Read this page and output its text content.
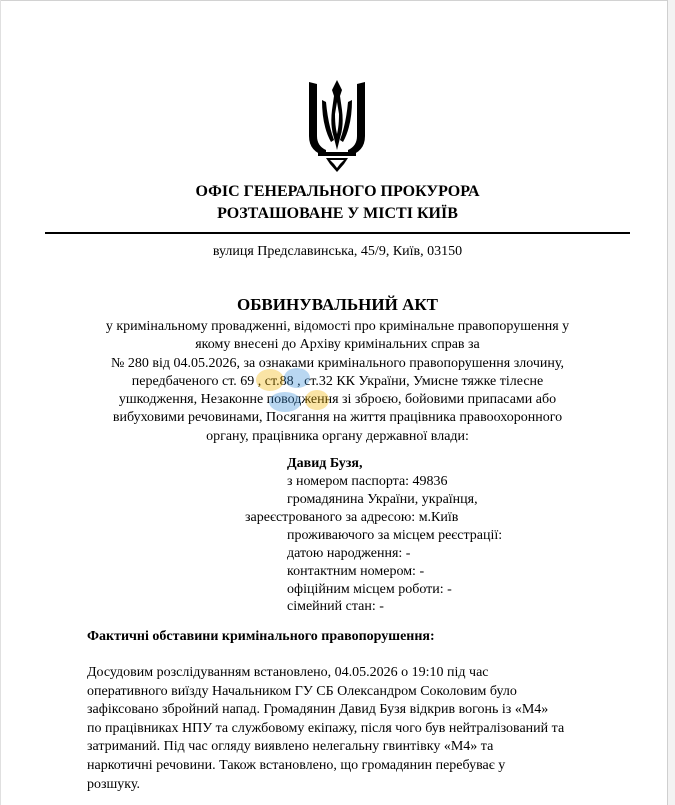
ОФІС ГЕНЕРАЛЬНОГО ПРОКУРОРА
РОЗТАШОВАНЕ У МІСТІ КИЇВ
вулиця Предславинська, 45/9, Київ, 03150
ОБВИНУВАЛЬНИЙ АКТ
у кримінальному провадженні, відомості про кримінальне правопорушення у
якому внесені до Архіву кримінальних справ за
№ 280 від 04.05.2026, за ознаками кримінального правопорушення злочину,
передбаченого ст. 69 , ст.88 , ст.32 КК України, Умисне тяжке тілесне
ушкодження, Незаконне поводження зі зброєю, бойовими припасами або
вибуховими речовинами, Посягання на життя працівника правоохоронного
органу, працівника органу державної влади:
Давид Бузя,
з номером паспорта: 49836
громадянина України, українця,
зареєстрованого за адресою: м.Київ
проживаючого за місцем реєстрації:
датою народження: -
контактним номером: -
офіційним місцем роботи: -
сімейний стан: -
Фактичні обставини кримінального правопорушення:
Досудовим розслідуванням встановлено, 04.05.2026 о 19:10 під час
оперативного виїзду Начальником ГУ СБ Олександром Соколовим було
зафіксовано збройний напад. Громадянин Давид Бузя відкрив вогонь із «М4»
по працівниках НПУ та службовому екіпажу, після чого був нейтралізований та
затриманий. Під час огляду виявлено нелегальну гвинтівку «М4» та
наркотичні речовини. Також встановлено, що громадянин перебуває у
розшуку.
